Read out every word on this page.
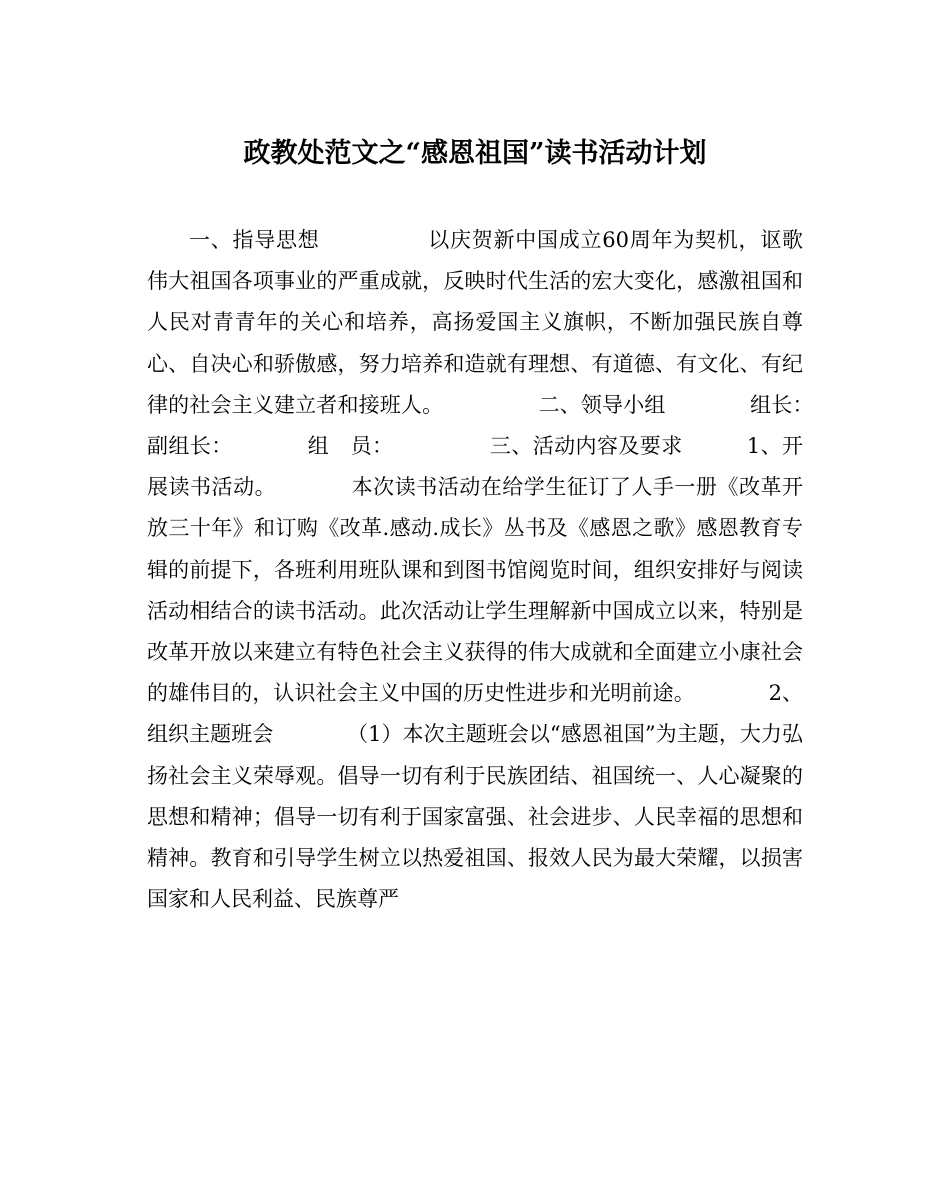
政教处范文之“感恩祖国”读书活动计划
一、指导思想　　　　　以庆贺新中国成立60周年为契机，讴歌伟大祖国各项事业的严重成就，反映时代生活的宏大变化，感激祖国和人民对青青年的关心和培养，高扬爱国主义旗帜，不断加强民族自尊心、自决心和骄傲感，努力培养和造就有理想、有道德、有文化、有纪律的社会主义建立者和接班人。　　　　　二、领导小组　　　　组长：　　　　副组长：　　　　组　员：　　　　　三、活动内容及要求　　　1、开展读书活动。　　　　本次读书活动在给学生征订了人手一册《改革开放三十年》和订购《改革.感动.成长》丛书及《感恩之歌》感恩教育专辑的前提下，各班利用班队课和到图书馆阅览时间，组织安排好与阅读活动相结合的读书活动。此次活动让学生理解新中国成立以来，特别是改革开放以来建立有特色社会主义获得的伟大成就和全面建立小康社会的雄伟目的，认识社会主义中国的历史性进步和光明前途。　　　　2、组织主题班会　　　　（1）本次主题班会以“感恩祖国”为主题，大力弘扬社会主义荣辱观。倡导一切有利于民族团结、祖国统一、人心凝聚的思想和精神；倡导一切有利于国家富强、社会进步、人民幸福的思想和精神。教育和引导学生树立以热爱祖国、报效人民为最大荣耀，以损害国家和人民利益、民族尊严
